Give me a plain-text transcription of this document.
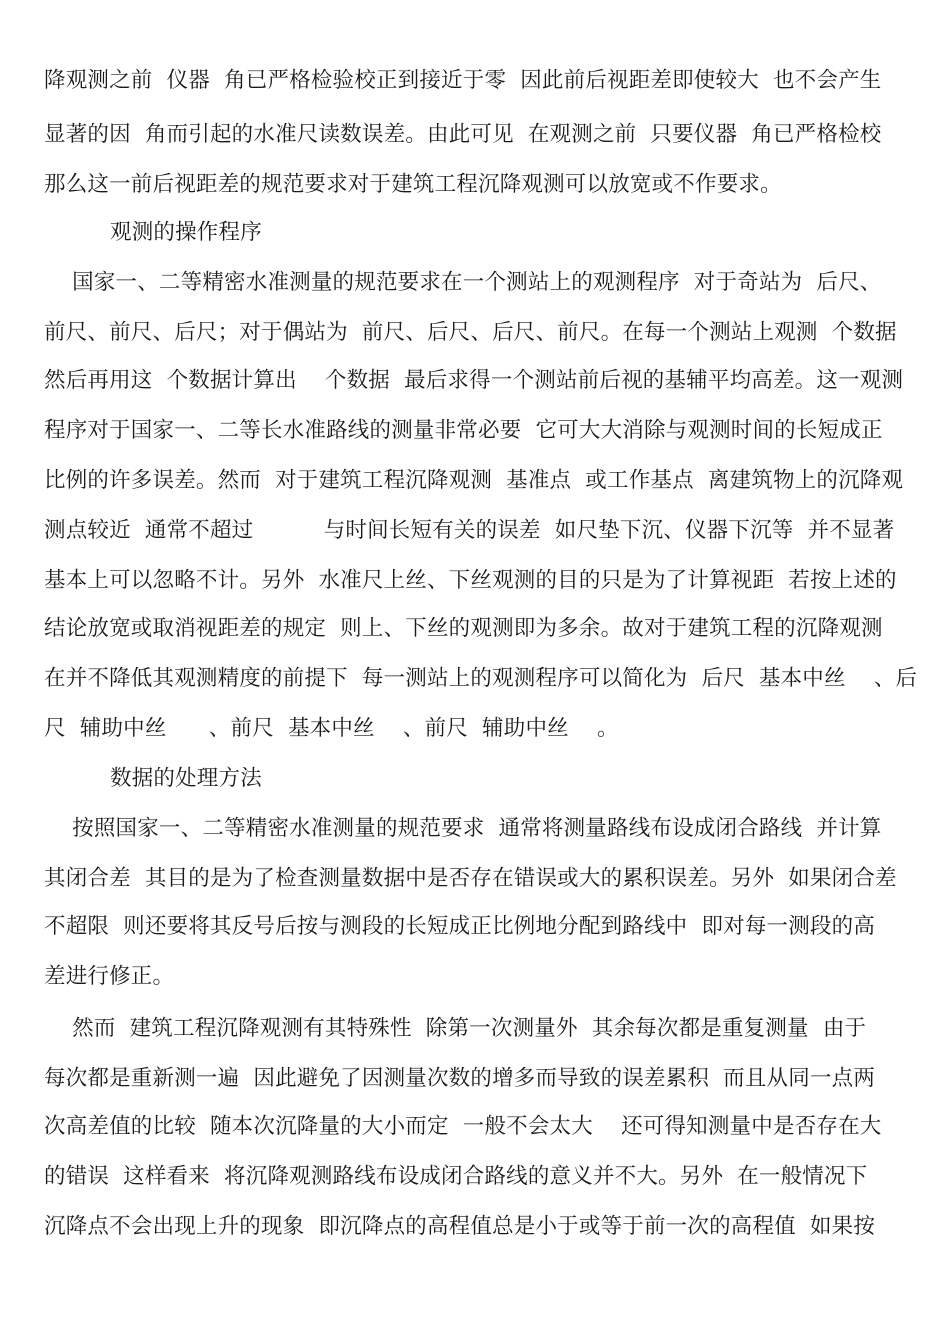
降观测之前  仪器  角已严格检验校正到接近于零  因此前后视距差即使较大  也不会产生
显著的因  角而引起的水准尺读数误差。由此可见  在观测之前  只要仪器  角已严格检校
那么这一前后视距差的规范要求对于建筑工程沉降观测可以放宽或不作要求。
观测的操作程序
国家一、二等精密水准测量的规范要求在一个测站上的观测程序  对于奇站为  后尺、
前尺、前尺、后尺；对于偶站为  前尺、后尺、后尺、前尺。在每一个测站上观测  个数据
然后再用这  个数据计算出    个数据  最后求得一个测站前后视的基辅平均高差。这一观测
程序对于国家一、二等长水准路线的测量非常必要  它可大大消除与观测时间的长短成正
比例的许多误差。然而  对于建筑工程沉降观测  基准点  或工作基点  离建筑物上的沉降观
测点较近  通常不超过          与时间长短有关的误差  如尺垫下沉、仪器下沉等  并不显著
基本上可以忽略不计。另外  水准尺上丝、下丝观测的目的只是为了计算视距  若按上述的
结论放宽或取消视距差的规定  则上、下丝的观测即为多余。故对于建筑工程的沉降观测
在并不降低其观测精度的前提下  每一测站上的观测程序可以简化为  后尺  基本中丝    、后
尺  辅助中丝      、前尺  基本中丝    、前尺  辅助中丝    。
数据的处理方法
按照国家一、二等精密水准测量的规范要求  通常将测量路线布设成闭合路线  并计算
其闭合差  其目的是为了检查测量数据中是否存在错误或大的累积误差。另外  如果闭合差
不超限  则还要将其反号后按与测段的长短成正比例地分配到路线中  即对每一测段的高
差进行修正。
然而  建筑工程沉降观测有其特殊性  除第一次测量外  其余每次都是重复测量  由于
每次都是重新测一遍  因此避免了因测量次数的增多而导致的误差累积  而且从同一点两
次高差值的比较  随本次沉降量的大小而定  一般不会太大    还可得知测量中是否存在大
的错误  这样看来  将沉降观测路线布设成闭合路线的意义并不大。另外  在一般情况下
沉降点不会出现上升的现象  即沉降点的高程值总是小于或等于前一次的高程值  如果按
